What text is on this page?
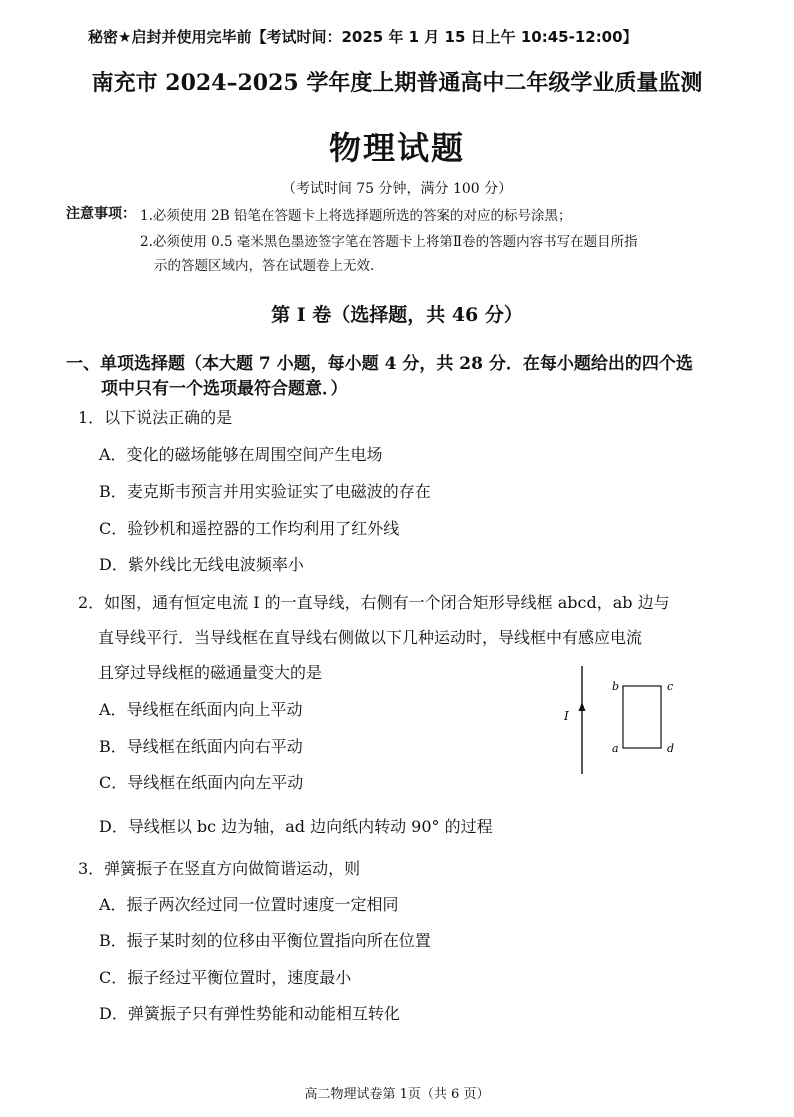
秘密★启封并使用完毕前【考试时间：2025 年 1 月 15 日上午 10:45-12:00】
南充市 2024–2025 学年度上期普通高中二年级学业质量监测
物理试题
（考试时间 75 分钟，满分 100 分）
注意事项： 1.必须使用 2B 铅笔在答题卡上将选择题所选的答案的对应的标号涂黑；
2.必须使用 0.5 毫米黑色墨迹签字笔在答题卡上将第Ⅱ卷的答题内容书写在题目所指
示的答题区域内，答在试题卷上无效.
第 I 卷（选择题，共 46 分）
一、单项选择题（本大题 7 小题，每小题 4 分，共 28 分．在每小题给出的四个选
项中只有一个选项最符合题意．）
1．以下说法正确的是
A．变化的磁场能够在周围空间产生电场
B．麦克斯韦预言并用实验证实了电磁波的存在
C．验钞机和遥控器的工作均利用了红外线
D．紫外线比无线电波频率小
2．如图，通有恒定电流 I 的一直导线，右侧有一个闭合矩形导线框 abcd，ab 边与
直导线平行．当导线框在直导线右侧做以下几种运动时，导线框中有感应电流
且穿过导线框的磁通量变大的是
A．导线框在纸面内向上平动
B．导线框在纸面内向右平动
C．导线框在纸面内向左平动
D．导线框以 bc 边为轴，ad 边向纸内转动 90° 的过程
I
b	c
a	d
3．弹簧振子在竖直方向做简谐运动，则
A．振子两次经过同一位置时速度一定相同
B．振子某时刻的位移由平衡位置指向所在位置
C．振子经过平衡位置时，速度最小
D．弹簧振子只有弹性势能和动能相互转化
高二物理试卷第 1页（共 6 页）
